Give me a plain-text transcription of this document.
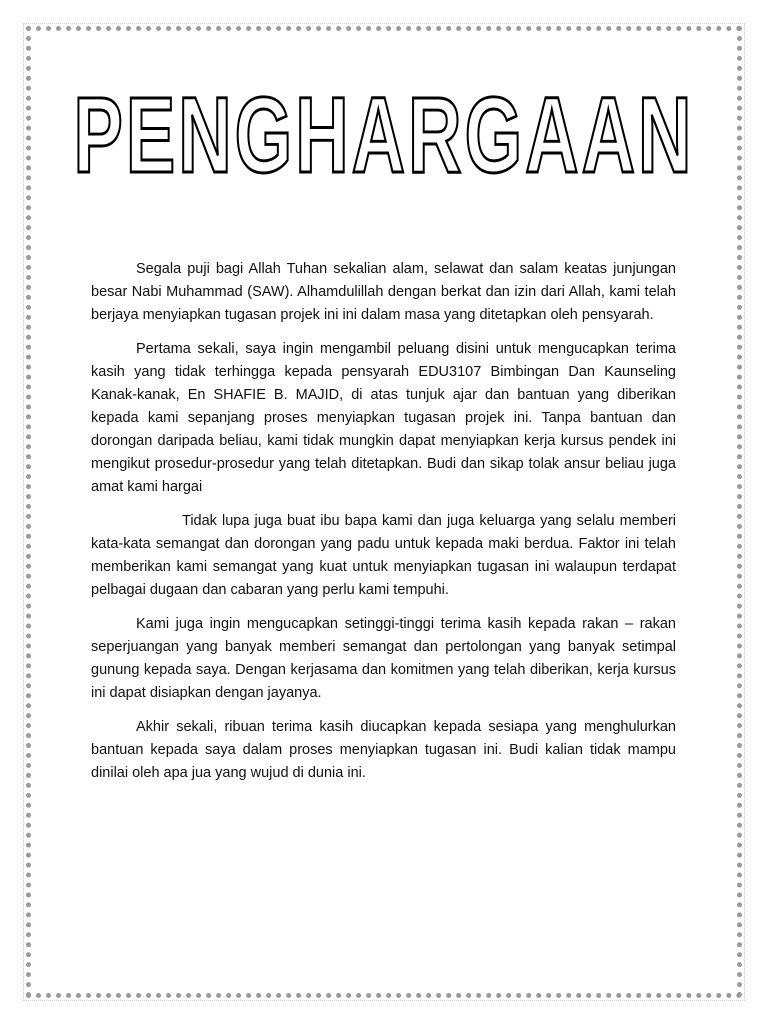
PENGHARGAAN

Segala puji bagi Allah Tuhan sekalian alam, selawat dan salam keatas junjungan besar Nabi Muhammad (SAW). Alhamdulillah dengan berkat dan izin dari Allah, kami telah berjaya menyiapkan tugasan projek ini ini dalam masa yang ditetapkan oleh pensyarah.

Pertama sekali, saya ingin mengambil peluang disini untuk mengucapkan terima kasih yang tidak terhingga kepada pensyarah EDU3107 Bimbingan Dan Kaunseling Kanak-kanak, En SHAFIE B. MAJID, di atas tunjuk ajar dan bantuan yang diberikan kepada kami sepanjang proses menyiapkan tugasan projek ini. Tanpa bantuan dan dorongan daripada beliau, kami tidak mungkin dapat menyiapkan kerja kursus pendek ini mengikut prosedur-prosedur yang telah ditetapkan. Budi dan sikap tolak ansur beliau juga amat kami hargai

Tidak lupa juga buat ibu bapa kami dan juga keluarga yang selalu memberi kata-kata semangat dan dorongan yang padu untuk kepada maki berdua. Faktor ini telah memberikan kami semangat yang kuat untuk menyiapkan tugasan ini walaupun terdapat pelbagai dugaan dan cabaran yang perlu kami tempuhi.

Kami juga ingin mengucapkan setinggi-tinggi terima kasih kepada rakan – rakan seperjuangan yang banyak memberi semangat dan pertolongan yang banyak setimpal gunung kepada saya. Dengan kerjasama dan komitmen yang telah diberikan, kerja kursus ini dapat disiapkan dengan jayanya.

Akhir sekali, ribuan terima kasih diucapkan kepada sesiapa yang menghulurkan bantuan kepada saya dalam proses menyiapkan tugasan ini. Budi kalian tidak mampu dinilai oleh apa jua yang wujud di dunia ini.
